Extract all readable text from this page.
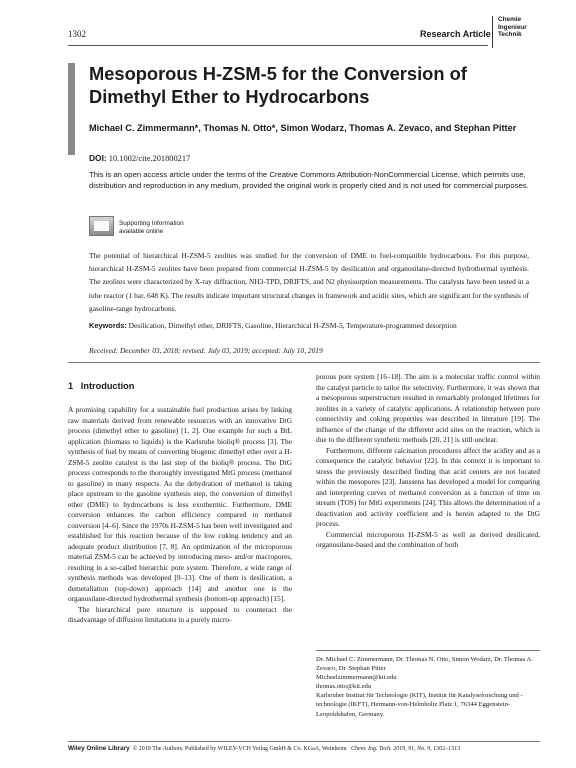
1302	Research Article
Chemie
Ingenieur
Technik
Mesoporous H-ZSM-5 for the Conversion of Dimethyl Ether to Hydrocarbons
Michael C. Zimmermann*, Thomas N. Otto*, Simon Wodarz, Thomas A. Zevaco, and Stephan Pitter
DOI: 10.1002/cite.201800217
This is an open access article under the terms of the Creative Commons Attribution-NonCommercial License, which permits use, distribution and reproduction in any medium, provided the original work is properly cited and is not used for commercial purposes.
Supporting Information
available online

The potential of hierarchical H-ZSM-5 zeolites was studied for the conversion of DME to fuel-compatible hydrocarbons. For this purpose, hierarchical H-ZSM-5 zeolites have been prepared from commercial H-ZSM-5 by desilication and organosilane-directed hydrothermal synthesis. The zeolites were characterized by X-ray diffraction, NH3-TPD, DRIFTS, and N2 physisorption measurements. The catalysts have been tested in a tube reactor (1 bar, 648 K). The results indicate important structural changes in framework and acidic sites, which are significant for the synthesis of gasoline-range hydrocarbons.

Keywords: Desilication, Dimethyl ether, DRIFTS, Gasoline, Hierarchical H-ZSM-5, Temperature-programmed desorption
Received: December 03, 2018; revised: July 03, 2019; accepted: July 10, 2019
1 Introduction

A promising capability for a sustainable fuel production arises by linking raw materials derived from renewable resources with an innovative DtG process (dimethyl ether to gasoline) [1, 2]. One example for such a BtL application (biomass to liquids) is the Karlsruhe bioliq® process [3]. The synthesis of fuel by means of converting biogenic dimethyl ether over a H-ZSM-5 zeolite catalyst is the last step of the bioliq® process. The DtG process corresponds to the thoroughly investigated MtG process (methanol to gasoline) in many respects. As the dehydration of methanol is taking place upstream to the gasoline synthesis step, the conversion of dimethyl ether (DME) to hydrocarbons is less exothermic. Furthermore, DME conversion enhances the carbon efficiency compared to methanol conversion [4–6]. Since the 1970s H-ZSM-5 has been well investigated and established for this reaction because of the low coking tendency and an adequate product distribution [7, 8]. An optimization of the microporous material ZSM-5 can be achieved by introducing meso- and/or macropores, resulting in a so-called hierarchic pore system. Therefore, a wide range of synthesis methods was developed [9–13]. One of them is desilication, a demetallation (top-down) approach [14] and another one is the organosilane-directed hydrothermal synthesis (bottom-up approach) [15].

The hierarchical pore structure is supposed to counteract the disadvantage of diffusion limitations in a purely micro-

porous pore system [16–18]. The aim is a molecular traffic control within the catalyst particle to tailor the selectivity. Furthermore, it was shown that a mesoporous superstructure resulted in remarkably prolonged lifetimes for zeolites in a variety of catalytic applications. A relationship between pore connectivity and coking properties was described in literature [19]. The influence of the change of the different acid sites on the reaction, which is due to the different synthetic methods [20, 21] is still unclear.

Furthermore, different calcination procedures affect the acidity and as a consequence the catalytic behavior [22]. In this context it is important to stress the previously described finding that acid centers are not located within the mesopores [23]. Janssens has developed a model for comparing and interpreting curves of methanol conversion as a function of time on stream (TOS) for MtG experiments [24]. This allows the determination of a deactivation and activity coefficient and is herein adapted to the DtG process.

Commercial microporous H-ZSM-5 as well as derived desilicated, organosilane-based and the combination of both

Dr. Michael C. Zimmermann, Dr. Thomas N. Otto, Simon Wodarz, Dr. Thomas A. Zevaco, Dr. Stephan Pitter
Michaelzimmermann@kit.edu
thomas.otto@kit.edu
Karlsruher Institut für Technologie (KIT), Institut für Katalyseforschung und -technologie (IKFT), Hermann-von-Helmholtz Platz 1, 76344 Eggenstein-Leopoldshafen, Germany.
Wiley Online Library © 2019 The Authors. Published by WILEY-VCH Verlag GmbH & Co. KGaA, Weinheim Chem. Ing. Tech. 2019, 91, No. 9, 1302–1313
